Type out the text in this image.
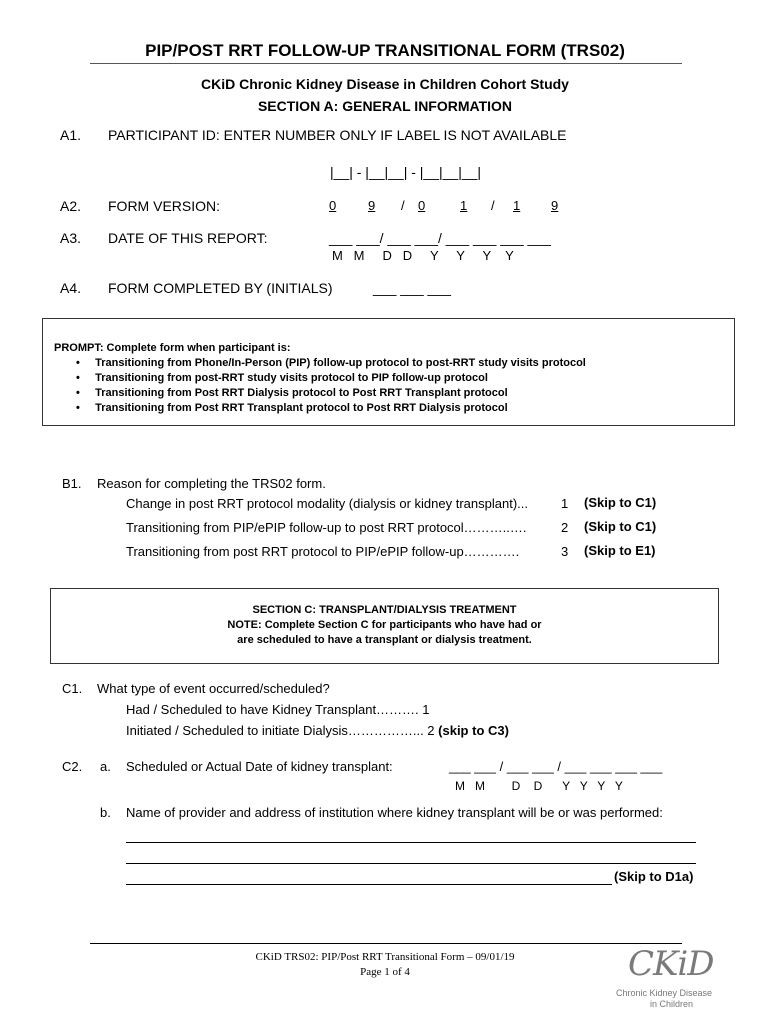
PIP/POST RRT FOLLOW-UP TRANSITIONAL FORM (TRS02)
CKiD Chronic Kidney Disease in Children Cohort Study
SECTION A: GENERAL INFORMATION
A1. PARTICIPANT ID: ENTER NUMBER ONLY IF LABEL IS NOT AVAILABLE
|__| - |__|__| - |__|__|__|
A2. FORM VERSION:	0 9 / 0	1 / 1 9
A3. DATE OF THIS REPORT:	___ ___/ ___ ___/ ___ ___ ___ ___
M   M     D   D     Y     Y     Y    Y
A4. FORM COMPLETED BY (INITIALS)	___ ___ ___
PROMPT: Complete form when participant is:
•     Transitioning from Phone/In-Person (PIP) follow-up protocol to post-RRT study visits protocol
•     Transitioning from post-RRT study visits protocol to PIP follow-up protocol
•     Transitioning from Post RRT Dialysis protocol to Post RRT Transplant protocol
•     Transitioning from Post RRT Transplant protocol to Post RRT Dialysis protocol
B1. Reason for completing the TRS02 form.
Change in post RRT protocol modality (dialysis or kidney transplant)...	1 (Skip to C1)
Transitioning from PIP/ePIP follow-up to post RRT protocol………..….	2 (Skip to C1)
Transitioning from post RRT protocol to PIP/ePIP follow-up………….	3 (Skip to E1)
SECTION C: TRANSPLANT/DIALYSIS TREATMENT
NOTE: Complete Section C for participants who have had or
are scheduled to have a transplant or dialysis treatment.
C1. What type of event occurred/scheduled?
Had / Scheduled to have Kidney Transplant………. 1
Initiated / Scheduled to initiate Dialysis……………... 2 (skip to C3)
C2. a. Scheduled or Actual Date of kidney transplant:	___ ___ / ___ ___ / ___ ___ ___ ___
M   M        D    D      Y   Y   Y   Y
b. Name of provider and address of institution where kidney transplant will be or was performed:
(Skip to D1a)
CKiD TRS02: PIP/Post RRT Transitional Form – 09/01/19
Page 1 of 4	CKiD
Chronic Kidney Disease
in Children
